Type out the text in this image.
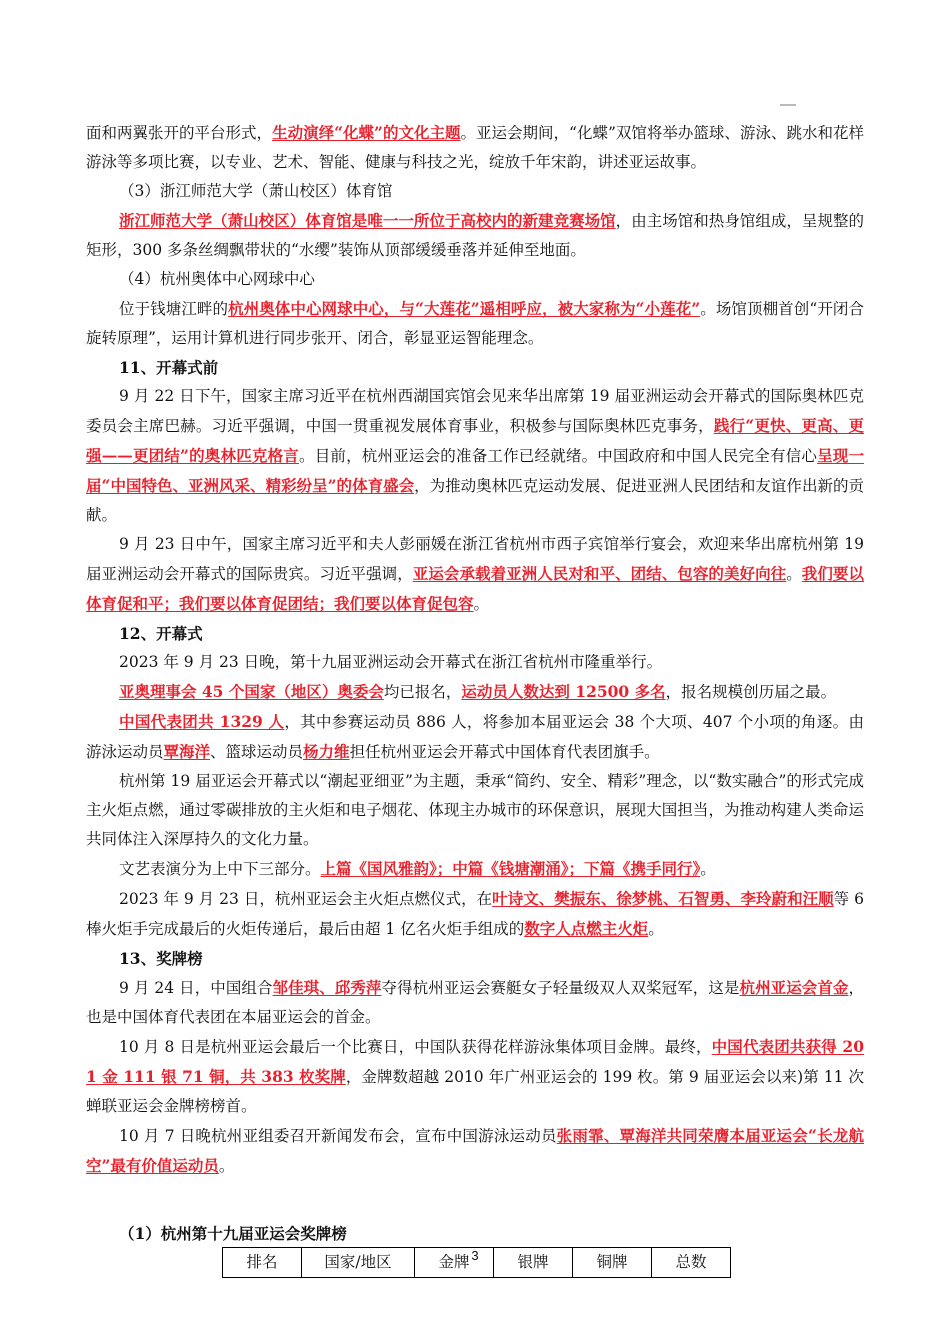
面和两翼张开的平台形式，生动演绎“化蝶”的文化主题。亚运会期间，“化蝶”双馆将举办篮球、游泳、跳水和花样游泳等多项比赛，以专业、艺术、智能、健康与科技之光，绽放千年宋韵，讲述亚运故事。

（3）浙江师范大学（萧山校区）体育馆

浙江师范大学（萧山校区）体育馆是唯一一所位于高校内的新建竞赛场馆，由主场馆和热身馆组成，呈规整的矩形，300 多条丝绸飘带状的“水缨”装饰从顶部缓缓垂落并延伸至地面。

（4）杭州奥体中心网球中心

位于钱塘江畔的杭州奥体中心网球中心，与“大莲花”遥相呼应，被大家称为“小莲花”。场馆顶棚首创“开闭合旋转原理”，运用计算机进行同步张开、闭合，彰显亚运智能理念。

11、开幕式前

9 月 22 日下午，国家主席习近平在杭州西湖国宾馆会见来华出席第 19 届亚洲运动会开幕式的国际奥林匹克委员会主席巴赫。习近平强调，中国一贯重视发展体育事业，积极参与国际奥林匹克事务，践行“更快、更高、更强——更团结”的奥林匹克格言。目前，杭州亚运会的准备工作已经就绪。中国政府和中国人民完全有信心呈现一届“中国特色、亚洲风采、精彩纷呈”的体育盛会，为推动奥林匹克运动发展、促进亚洲人民团结和友谊作出新的贡献。

9 月 23 日中午，国家主席习近平和夫人彭丽媛在浙江省杭州市西子宾馆举行宴会，欢迎来华出席杭州第 19 届亚洲运动会开幕式的国际贵宾。习近平强调，亚运会承载着亚洲人民对和平、团结、包容的美好向往。我们要以体育促和平；我们要以体育促团结；我们要以体育促包容。

12、开幕式

2023 年 9 月 23 日晚，第十九届亚洲运动会开幕式在浙江省杭州市隆重举行。

亚奥理事会 45 个国家（地区）奥委会均已报名，运动员人数达到 12500 多名，报名规模创历届之最。

中国代表团共 1329 人，其中参赛运动员 886 人，将参加本届亚运会 38 个大项、407 个小项的角逐。由游泳运动员覃海洋、篮球运动员杨力维担任杭州亚运会开幕式中国体育代表团旗手。

杭州第 19 届亚运会开幕式以“潮起亚细亚”为主题，秉承“简约、安全、精彩”理念，以“数实融合”的形式完成主火炬点燃，通过零碳排放的主火炬和电子烟花、体现主办城市的环保意识，展现大国担当，为推动构建人类命运共同体注入深厚持久的文化力量。

文艺表演分为上中下三部分。上篇《国风雅韵》；中篇《钱塘潮涌》；下篇《携手同行》。

2023 年 9 月 23 日，杭州亚运会主火炬点燃仪式，在叶诗文、樊振东、徐梦桃、石智勇、李玲蔚和汪顺等 6 棒火炬手完成最后的火炬传递后，最后由超 1 亿名火炬手组成的数字人点燃主火炬。

13、奖牌榜

9 月 24 日，中国组合邹佳琪、邱秀萍夺得杭州亚运会赛艇女子轻量级双人双桨冠军，这是杭州亚运会首金，也是中国体育代表团在本届亚运会的首金。

10 月 8 日是杭州亚运会最后一个比赛日，中国队获得花样游泳集体项目金牌。最终，中国代表团共获得 201 金 111 银 71 铜，共 383 枚奖牌，金牌数超越 2010 年广州亚运会的 199 枚。第 9 届亚运会以来)第 11 次蝉联亚运会金牌榜榜首。

10 月 7 日晚杭州亚组委召开新闻发布会，宣布中国游泳运动员张雨霏、覃海洋共同荣膺本届亚运会“长龙航空”最有价值运动员。

（1）杭州第十九届亚运会奖牌榜
排名	国家/地区	金牌	银牌	铜牌	总数
3
